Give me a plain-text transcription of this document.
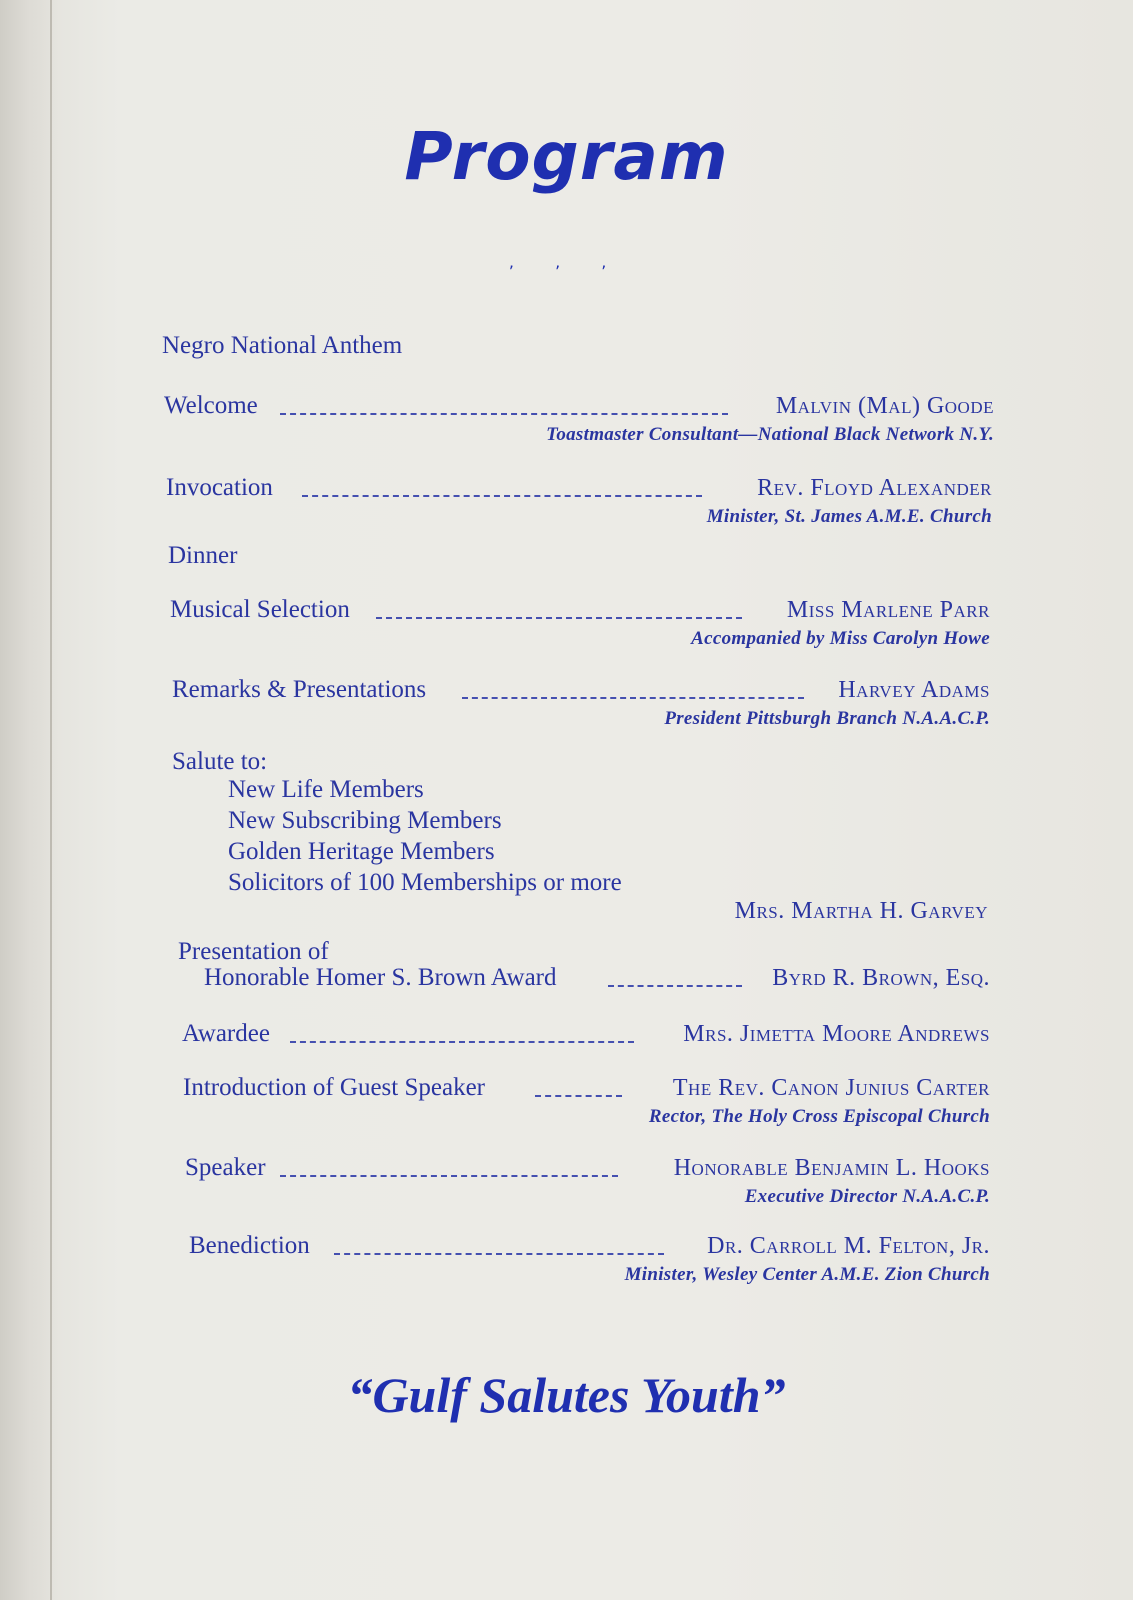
Program
’ ’ ’
Negro National Anthem
Welcome	Malvin (Mal) Goode
Toastmaster Consultant—National Black Network N.Y.
Invocation	Rev. Floyd Alexander
Minister, St. James A.M.E. Church
Dinner
Musical Selection	Miss Marlene Parr
Accompanied by Miss Carolyn Howe
Remarks & Presentations	Harvey Adams
President Pittsburgh Branch N.A.A.C.P.
Salute to:
New Life Members
New Subscribing Members
Golden Heritage Members
Solicitors of 100 Memberships or more
Mrs. Martha H. Garvey
Presentation of
Honorable Homer S. Brown Award	Byrd R. Brown, Esq.
Awardee	Mrs. Jimetta Moore Andrews
Introduction of Guest Speaker	The Rev. Canon Junius Carter
Rector, The Holy Cross Episcopal Church
Speaker	Honorable Benjamin L. Hooks
Executive Director N.A.A.C.P.
Benediction	Dr. Carroll M. Felton, Jr.
Minister, Wesley Center A.M.E. Zion Church
“Gulf Salutes Youth”
